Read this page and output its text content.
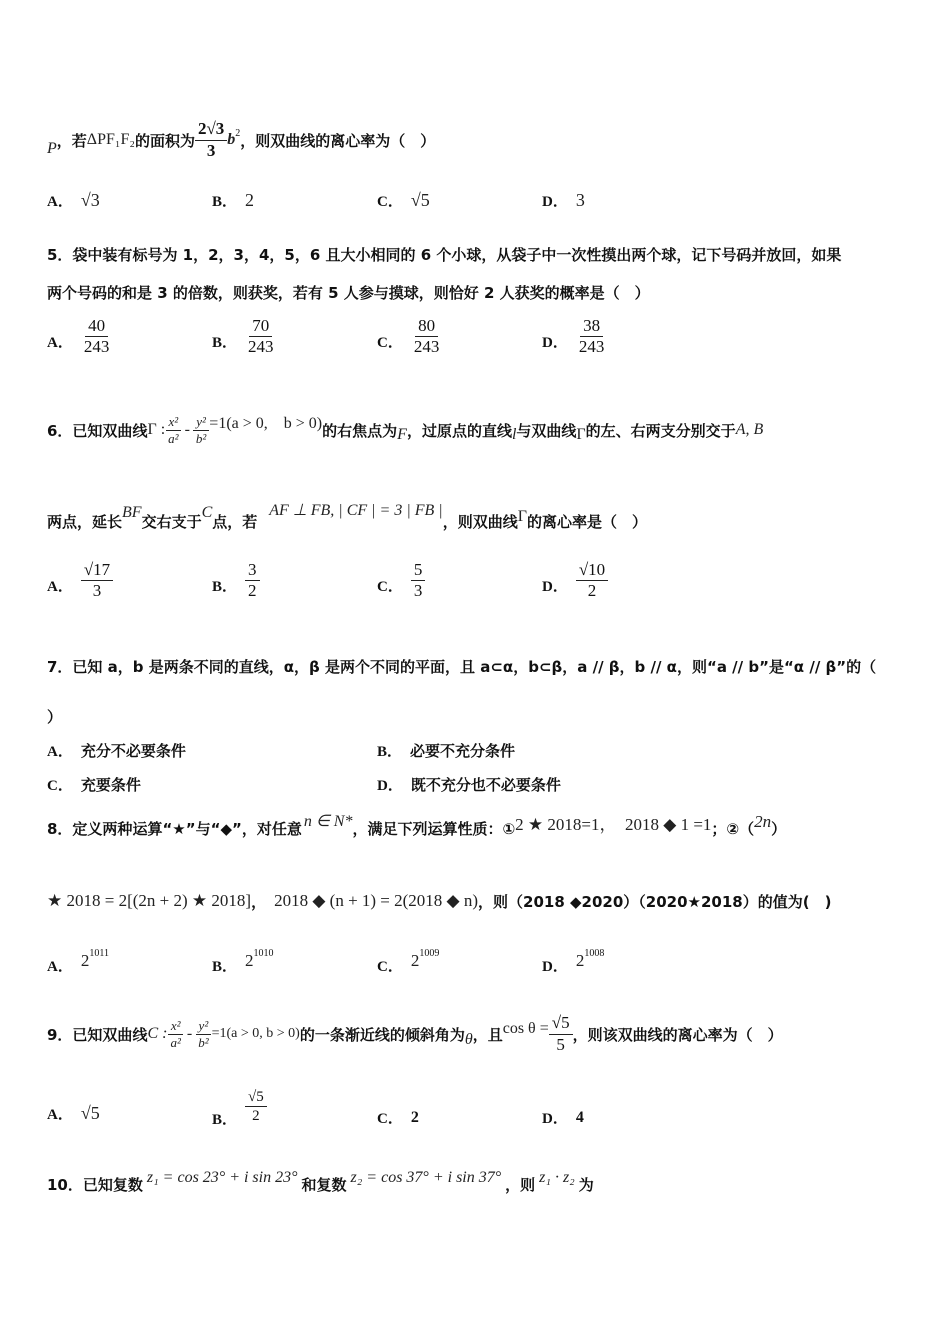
P ，若 ΔPF₁F₂ 的面积为 $\frac{2√3}{3}$ b 2 ，则双曲线的离心率为（　）
A． √3	B． 2	C． √5	D． 3
5．袋中装有标号为 1，2，3，4，5，6 且大小相同的 6 个小球，从袋子中一次性摸出两个球，记下号码并放回，如果
两个号码的和是 3 的倍数，则获奖，若有 5 人参与摸球，则恰好 2 人获奖的概率是（　）
A． $\frac{40}{243}$	B． $\frac{70}{243}$	C． $\frac{80}{243}$	D． $\frac{38}{243}$
6．已知双曲线 Γ : $\frac{\text{x²}}{\text{a²}} - \frac{\text{y²}}{\text{b²}} =1(a > 0$,　b > 0) 的右焦点为 F ，过原点的直线 l 与双曲线 Γ 的左、右两支分别交于 A, B
两点，延长 BF 交右支于 C 点，若
AF ⊥ FB, | CF | = 3 | FB |
，则双曲线 Γ 的离心率是（　）
A． $\frac{√17}{3}$	B． $\frac{3}{2}$	C． $\frac{5}{3}$	D． $\frac{√10}{2}$
7．已知 a，b 是两条不同的直线，α，β 是两个不同的平面，且 a⊂α，b⊂β，a // β，b // α，则“a // b”是“α // β”的（
）
A． 充分不必要条件	B． 必要不充分条件
C． 充要条件	D． 既不充分也不必要条件
8．定义两种运算“★”与“◆”，对任意 n ∈ N* ，满足下列运算性质：① 2 ★ 2018=1，　2018 ◆ 1 =1 ；②（ 2n ）
★ 2018 = 2[(2n + 2) ★ 2018] ， 2018 ◆ (n + 1) = 2(2018 ◆ n) ，则（2018 ◆2020）（2020★2018）的值为(　)
A． 2 1011
B． 2 1010
C． 2 1009
D． 2 1008
9．已知双曲线 C : $\frac{\text{x²}}{\text{a²}} - \frac{\text{y²}}{\text{b²}} =1(a > 0$, b > 0) 的一条渐近线的倾斜角为 θ ，且 $\cos \theta = \frac{√5}{5}$ ，则该双曲线的离心率为（　）
A． √5	B． $\frac{√5}{2}$	C． 2	D． 4
10．已知复数 z₁ = cos 23° + i sin 23° 和复数 z₂ = cos 37° + i sin 37° ，则 z₁ · z₂ 为
